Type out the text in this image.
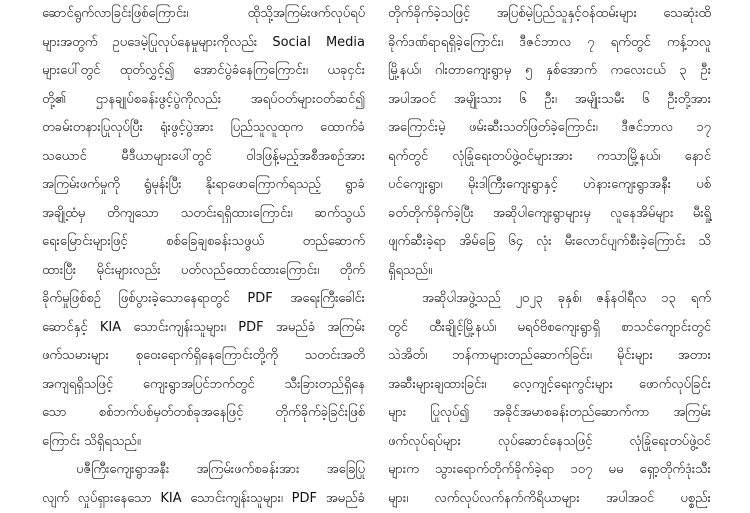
ဆောင်ရွက်လာခြင်းဖြစ်ကြောင်း၊ ထိုသို့အကြမ်းဖက်လုပ်ရပ်
များအတွက် ဥပဒေမဲ့ပြုလုပ်နေမှုများကိုလည်း Social Media
များပေါ်တွင် ထုတ်လွှင့်၍ အောင်ပွဲခံနေကြကြောင်း၊ ယခုငှင်း
တို့၏ ဌာနချုပ်စခန်းဖွင့်ပွဲကိုလည်း အရပ်ဝတ်များဝတ်ဆင်၍
တခမ်းတနားပြုလုပ်ပြီး ရုံးဖွင့်ပွဲအား ပြည်သူလူထုက ထောက်ခံ
သယောင် မီဒီယာများပေါ်တွင် ဝါဒဖြန့်မည့်အစီအစဉ်အား
အကြမ်းဖက်မှုကို ရွံမုန်းပြီး နိုးရာဖောကြောက်ရသည့် ရွာခံ
အချို့ထံမှ တိကျသော သတင်းရရှိထားကြောင်း၊ ဆက်သွယ်
ရေးမြောင်းများဖြင့် စစ်ခြေချစခန်းသဖွယ် တည်ဆောက်
ထားပြီး မိုင်းများလည်း ပတ်လည်ထောင်ထားကြောင်း၊ တိုက်
ခိုက်မှုဖြစ်စဉ် ဖြစ်ပွားခဲ့သောနေရာတွင် PDF အရေးကြီးခေါင်း
ဆောင်နှင့် KIA သောင်းကျန်းသူများ၊ PDF အမည်ခံ အကြမ်း
ဖက်သမားများ စုဝေးရောက်ရှိနေကြောင်းတို့ကို သတင်းအတိ
အကျရရှိသဖြင့် ကျေးရွာအပြင်ဘက်တွင် သီးခြားတည်ရှိနေ
သော စစ်ဘက်ပစ်မှတ်တစ်ခုအနေဖြင့် တိုက်ခိုက်ခဲ့ခြင်းဖြစ်
ကြောင်း သိရှိရသည်။
ပဇီကြီးကျေးရွာအနီး အကြမ်းဖက်စခန်းအား အခြေပြု
လျက် လှုပ်ရှားနေသော KIA သောင်းကျန်းသူများ၊ PDF အမည်ခံ
တိုက်ခိုက်ခဲ့သဖြင့် အပြစ်မဲ့ပြည်သူနှင့်ဝန်ထမ်းများ သေဆုံးထိ
ခိုက်ဒဏ်ရာရရှိခဲ့ကြောင်း၊ ဒီဇင်ဘာလ ၇ ရက်တွင် ကန့်ဘလူ
မြို့နယ်၊ ဂါးတာကျေးရွာမှ ၅ နှစ်အောက် ကလေးငယ် ၃ ဦး
အပါအဝင် အမျိုးသား ၆ ဦး၊ အမျိုးသမီး ၆ ဦးတို့အား
အကြောင်းမဲ့ ဖမ်းဆီးသတ်ဖြတ်ခဲ့ကြောင်း၊ ဒီဇင်ဘာလ ၁၇
ရက်တွင် လုံခြုံရေးတပ်ဖွဲ့ဝင်များအား ကသာမြို့နယ်၊ နောင်
ပင်ကျေးရွာ၊ မိုးဒါကြီးကျေးရွာနှင့် ဟဲနားကျေးရွာအနီး ပစ်
ခတ်တိုက်ခိုက်ခဲ့ပြီး အဆိုပါကျေးရွာများမှ လူနေအိမ်များ မီးရှို့
ဖျက်ဆီးခဲ့ရာ အိမ်ခြေ ၆၄ လုံး မီးလောင်ပျက်စီးခဲ့ကြောင်း သိ
ရှိရသည်။
အဆိုပါအဖွဲ့သည် ၂၀၂၃ ခုနှစ်၊ ဇန်နဝါရီလ ၁၃ ရက်
တွင် ထီးချိုင့်မြို့နယ်၊ မရဝ်ဗိစကျေးရွာရှိ စာသင်ကျောင်းတွင်
သဲအိတ်၊ ဘန်ကာများတည်ဆောက်ခြင်း၊ မိုင်းများ အတား
အဆီးများချထားခြင်း၊ လေ့ကျင့်ရေးကွင်းများ ဖောက်လုပ်ခြင်း
များ ပြုလုပ်၍ အခိုင်အမာစခန်းတည်ဆောက်ကာ အကြမ်း
ဖက်လုပ်ရပ်များ လုပ်ဆောင်နေသဖြင့် လုံခြုံရေးတပ်ဖွဲ့ဝင်
များက သွားရောက်တိုက်ခိုက်ခဲ့ရာ ၁၀၇ မမ ရှော့တိုက်ဒုံးသီး
များ၊ လက်လုပ်လက်နက်ကိရိယာများ အပါအဝင် ပစ္စည်း
